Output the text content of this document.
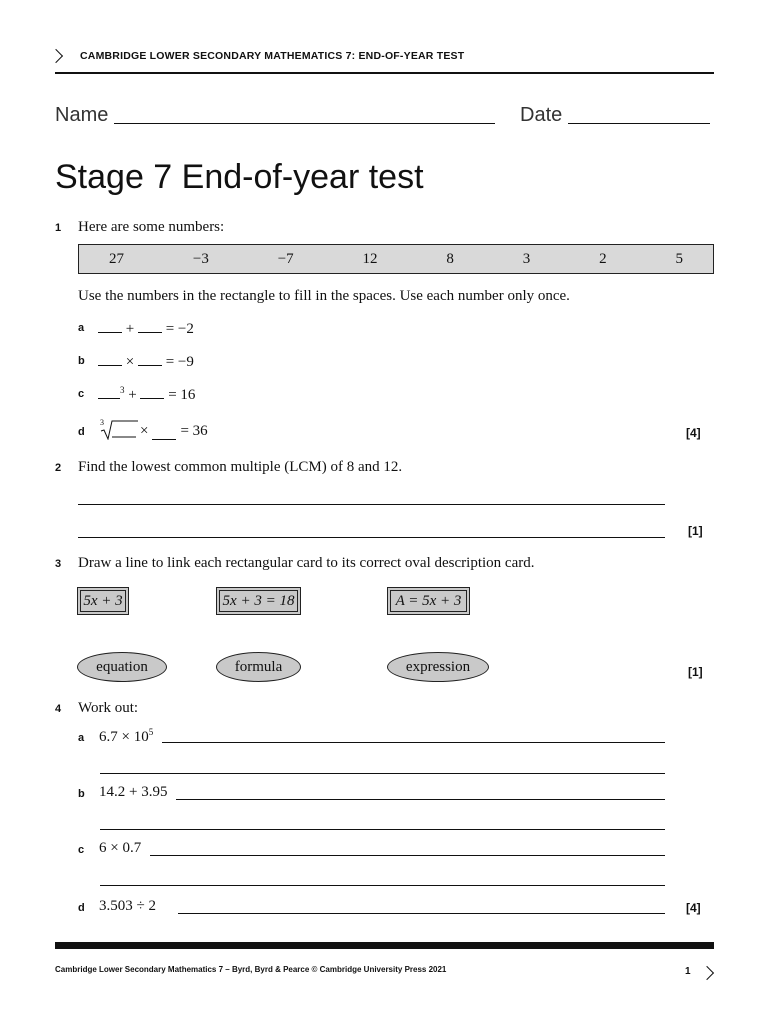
CAMBRIDGE LOWER SECONDARY MATHEMATICS 7: END-OF-YEAR TEST
Name	Date
Stage 7 End-of-year test
1 Here are some numbers:
27	−3	−7	12	8	3	2	5
Use the numbers in the rectangle to fill in the spaces. Use each number only once.
a	+ = −2
b	× = −9
c	$^3$ + = 16
d
3
× = 36	[4]
2 Find the lowest common multiple (LCM) of 8 and 12.
[1]
3 Draw a line to link each rectangular card to its correct oval description card.
5x + 3	5x + 3 = 18	A = 5x + 3
equation	formula	expression	[1]
4 Work out:
a $6.7 \times 10^5$
b 14.2 + 3.95
c 6 × 0.7
d 3.503 ÷ 2	[4]
Cambridge Lower Secondary Mathematics 7 – Byrd, Byrd & Pearce © Cambridge University Press 2021	1
